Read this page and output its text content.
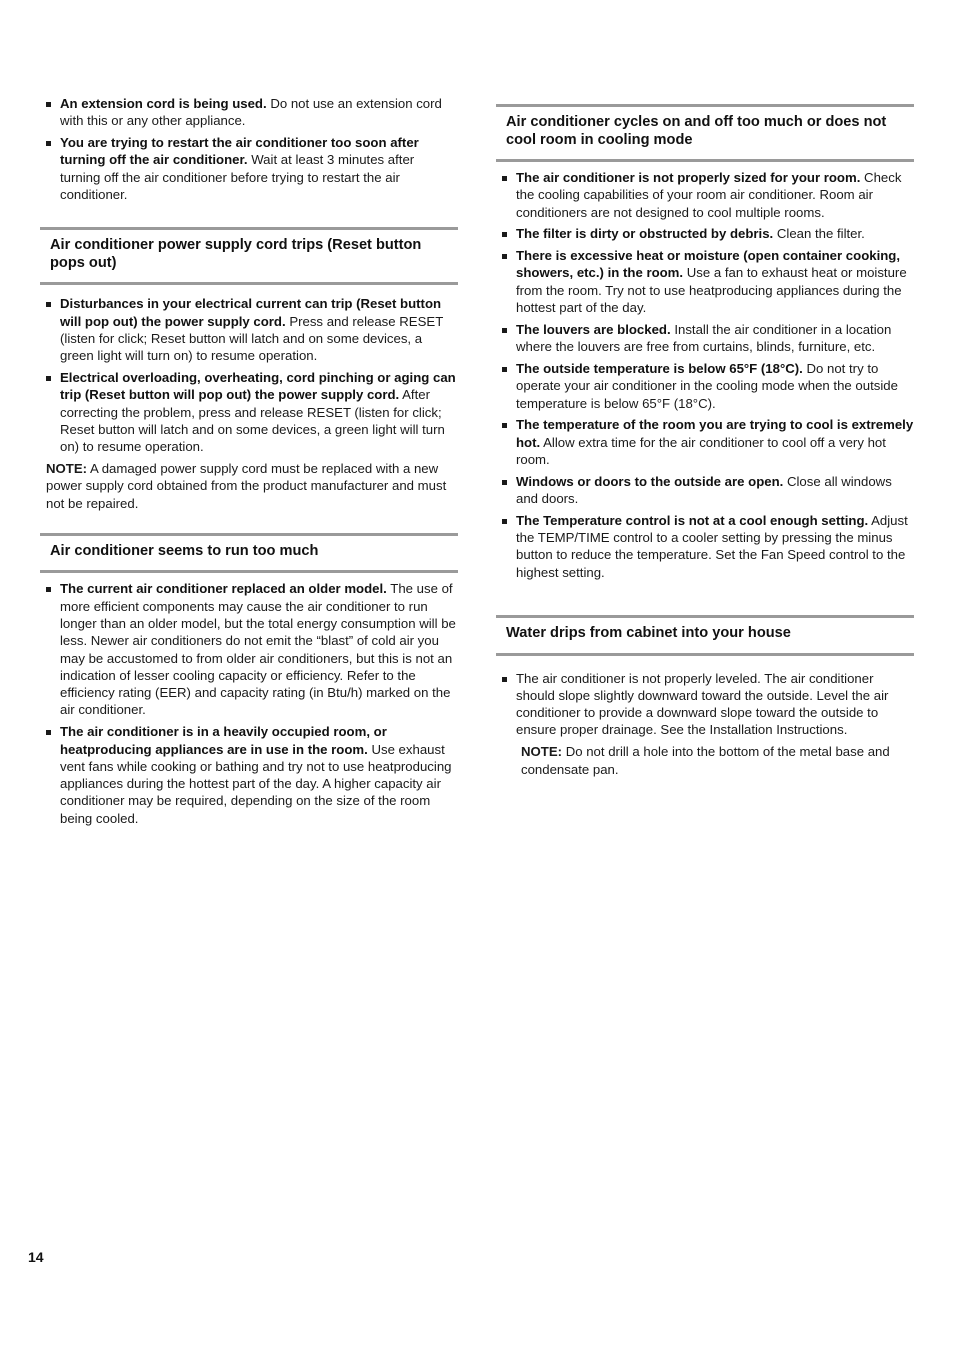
An extension cord is being used. Do not use an extension cord with this or any other appliance.
You are trying to restart the air conditioner too soon after turning off the air conditioner. Wait at least 3 minutes after turning off the air conditioner before trying to restart the air conditioner.
Air conditioner power supply cord trips (Reset button pops out)
Disturbances in your electrical current can trip (Reset button will pop out) the power supply cord. Press and release RESET (listen for click; Reset button will latch and on some devices, a green light will turn on) to resume operation.
Electrical overloading, overheating, cord pinching or aging can trip (Reset button will pop out) the power supply cord. After correcting the problem, press and release RESET (listen for click; Reset button will latch and on some devices, a green light will turn on) to resume operation.

NOTE: A damaged power supply cord must be replaced with a new power supply cord obtained from the product manufacturer and must not be repaired.

Air conditioner seems to run too much
The current air conditioner replaced an older model. The use of more efficient components may cause the air conditioner to run longer than an older model, but the total energy consumption will be less. Newer air conditioners do not emit the “blast” of cold air you may be accustomed to from older air conditioners, but this is not an indication of lesser cooling capacity or efficiency. Refer to the efficiency rating (EER) and capacity rating (in Btu/h) marked on the air conditioner.
The air conditioner is in a heavily occupied room, or heatproducing appliances are in use in the room. Use exhaust vent fans while cooking or bathing and try not to use heatproducing appliances during the hottest part of the day. A higher capacity air conditioner may be required, depending on the size of the room being cooled.
Air conditioner cycles on and off too much or does not cool room in cooling mode
The air conditioner is not properly sized for your room. Check the cooling capabilities of your room air conditioner. Room air conditioners are not designed to cool multiple rooms.
The filter is dirty or obstructed by debris. Clean the filter.
There is excessive heat or moisture (open container cooking, showers, etc.) in the room. Use a fan to exhaust heat or moisture from the room. Try not to use heatproducing appliances during the hottest part of the day.
The louvers are blocked. Install the air conditioner in a location where the louvers are free from curtains, blinds, furniture, etc.
The outside temperature is below 65°F (18°C). Do not try to operate your air conditioner in the cooling mode when the outside temperature is below 65°F (18°C).
The temperature of the room you are trying to cool is extremely hot. Allow extra time for the air conditioner to cool off a very hot room.
Windows or doors to the outside are open. Close all windows and doors.
The Temperature control is not at a cool enough setting. Adjust the TEMP/TIME control to a cooler setting by pressing the minus button to reduce the temperature. Set the Fan Speed control to the highest setting.
Water drips from cabinet into your house
The air conditioner is not properly leveled. The air conditioner should slope slightly downward toward the outside. Level the air conditioner to provide a downward slope toward the outside to ensure proper drainage. See the Installation Instructions.

NOTE: Do not drill a hole into the bottom of the metal base and condensate pan.

14
